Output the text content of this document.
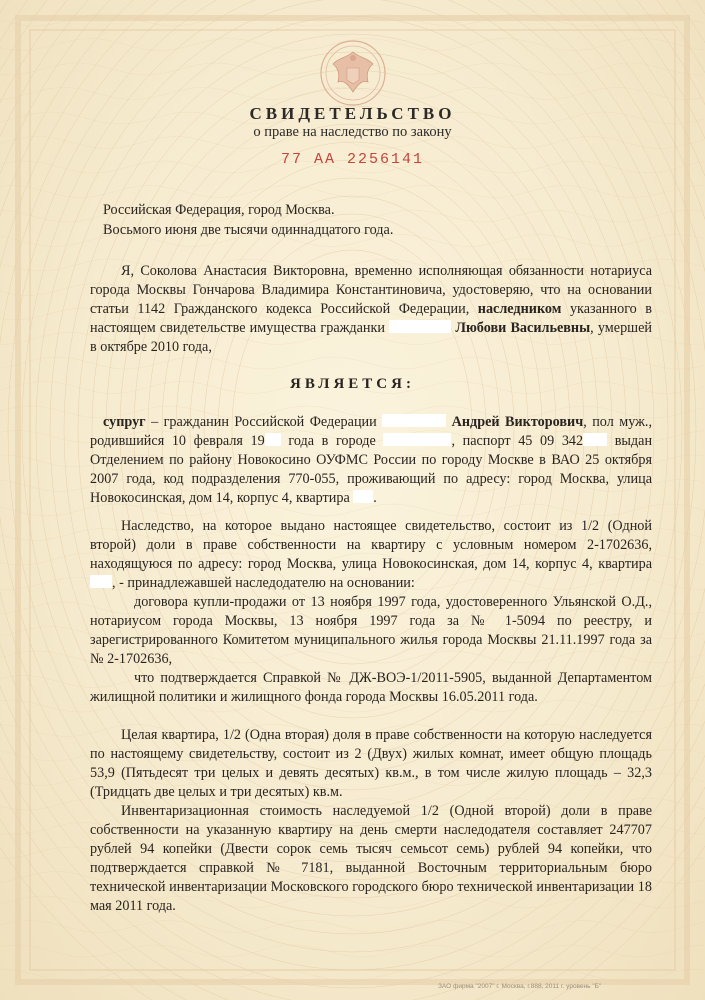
СВИДЕТЕЛЬСТВО
о праве на наследство по закону
77 АА 2256141
Российская Федерация, город Москва.
Восьмого июня две тысячи одиннадцатого года.
Я, Соколова Анастасия Викторовна, временно исполняющая обязанности нотариуса города Москвы Гончарова Владимира Константиновича, удостоверяю, что на основании статьи 1142 Гражданского кодекса Российской Федерации, наследником указанного в настоящем свидетельстве имущества гражданки	Любови Васильевны, умершей в октябре 2010 года,
ЯВЛЯЕТСЯ:
супруг – гражданин Российской Федерации	Андрей Викторович, пол муж., родившийся 10 февраля 19 года в городе	, паспорт 45 09 342 выдан Отделением по району Новокосино ОУФМС России по городу Москве в ВАО 25 октября 2007 года, код подразделения 770-055, проживающий по адресу: город Москва, улица Новокосинская, дом 14, корпус 4, квартира .
Наследство, на которое выдано настоящее свидетельство, состоит из 1/2 (Одной второй) доли в праве собственности на квартиру с условным номером 2-1702636, находящуюся по адресу: город Москва, улица Новокосинская, дом 14, корпус 4, квартира , - принадлежавшей наследодателю на основании:
договора купли-продажи от 13 ноября 1997 года, удостоверенного Ульянской О.Д., нотариусом города Москвы, 13 ноября 1997 года за № 1-5094 по реестру, и зарегистрированного Комитетом муниципального жилья города Москвы 21.11.1997 года за № 2-1702636,
что подтверждается Справкой № ДЖ-ВОЭ-1/2011-5905, выданной Департаментом жилищной политики и жилищного фонда города Москвы 16.05.2011 года.
Целая квартира, 1/2 (Одна вторая) доля в праве собственности на которую наследуется по настоящему свидетельству, состоит из 2 (Двух) жилых комнат, имеет общую площадь 53,9 (Пятьдесят три целых и девять десятых) кв.м., в том числе жилую площадь – 32,3 (Тридцать две целых и три десятых) кв.м.
Инвентаризационная стоимость наследуемой 1/2 (Одной второй) доли в праве собственности на указанную квартиру на день смерти наследодателя составляет 247707 рублей 94 копейки (Двести сорок семь тысяч семьсот семь) рублей 94 копейки, что подтверждается справкой № 7181, выданной Восточным территориальным бюро технической инвентаризации Московского городского бюро технической инвентаризации 18 мая 2011 года.
ЗАО фирма "2007" г. Москва, г.888, 2011 г. уровень "Б"
